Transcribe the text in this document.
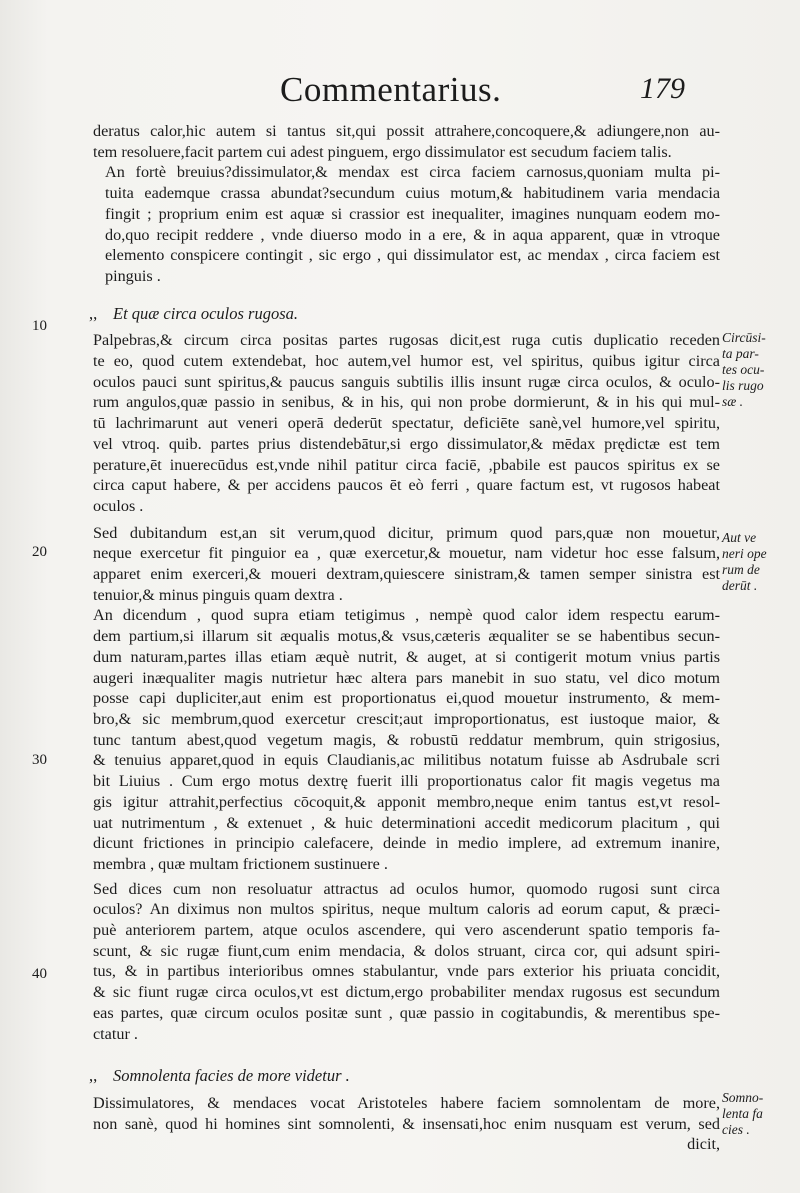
Commentarius.	179
deratus calor,hic autem si tantus sit,qui possit attrahere,concoquere,& adiungere,non au-
tem resoluere,facit partem cui adest pinguem, ergo dissimulator est secudum faciem talis.
An fortè breuius?dissimulator,& mendax est circa faciem carnosus,quoniam multa pi-
tuita eademque crassa abundat?secundum cuius motum,& habitudinem varia mendacia
fingit ; proprium enim est aquæ si crassior est inequaliter, imagines nunquam eodem mo-
do,quo recipit reddere , vnde diuerso modo in a ere, & in aqua apparent, quæ in vtroque
elemento conspicere contingit , sic ergo , qui dissimulator est, ac mendax , circa faciem est
pinguis .
,, Et quæ circa oculos rugosa.
Palpebras,& circum circa positas partes rugosas dicit,est ruga cutis duplicatio receden
te eo, quod cutem extendebat, hoc autem,vel humor est, vel spiritus, quibus igitur circa
oculos pauci sunt spiritus,& paucus sanguis subtilis illis insunt rugæ circa oculos, & oculo-
rum angulos,quæ passio in senibus, & in his, qui non probe dormierunt, & in his qui mul-
tū lachrimarunt aut veneri operā dederūt spectatur, deficiēte sanè,vel humore,vel spiritu,
vel vtroq. quib. partes prius distendebātur,si ergo dissimulator,& mēdax prędictæ est tem
perature,ēt inuerecūdus est,vnde nihil patitur circa faciē, ,pbabile est paucos spiritus ex se
circa caput habere, & per accidens paucos ēt eò ferri , quare factum est, vt rugosos habeat
oculos .
Sed dubitandum est,an sit verum,quod dicitur, primum quod pars,quæ non mouetur,
neque exercetur fit pinguior ea , quæ exercetur,& mouetur, nam videtur hoc esse falsum,
apparet enim exerceri,& moueri dextram,quiescere sinistram,& tamen semper sinistra est
tenuior,& minus pinguis quam dextra .
An dicendum , quod supra etiam tetigimus , nempè quod calor idem respectu earum-
dem partium,si illarum sit æqualis motus,& vsus,cæteris æqualiter se se habentibus secun-
dum naturam,partes illas etiam æquè nutrit, & auget, at si contigerit motum vnius partis
augeri inæqualiter magis nutrietur hæc altera pars manebit in suo statu, vel dico motum
posse capi dupliciter,aut enim est proportionatus ei,quod mouetur instrumento, & mem-
bro,& sic membrum,quod exercetur crescit;aut improportionatus, est iustoque maior, &
tunc tantum abest,quod vegetum magis, & robustū reddatur membrum, quin strigosius,
& tenuius apparet,quod in equis Claudianis,ac militibus notatum fuisse ab Asdrubale scri
bit Liuius . Cum ergo motus dextrę fuerit illi proportionatus calor fit magis vegetus ma
gis igitur attrahit,perfectius cōcoquit,& apponit membro,neque enim tantus est,vt resol-
uat nutrimentum , & extenuet , & huic determinationi accedit medicorum placitum , qui
dicunt frictiones in principio calefacere, deinde in medio implere, ad extremum inanire,
membra , quæ multam frictionem sustinuere .
Sed dices cum non resoluatur attractus ad oculos humor, quomodo rugosi sunt circa
oculos? An diximus non multos spiritus, neque multum caloris ad eorum caput, & præci-
puè anteriorem partem, atque oculos ascendere, qui vero ascenderunt spatio temporis fa-
scunt, & sic rugæ fiunt,cum enim mendacia, & dolos struant, circa cor, qui adsunt spiri-
tus, & in partibus interioribus omnes stabulantur, vnde pars exterior his priuata concidit,
& sic fiunt rugæ circa oculos,vt est dictum,ergo probabiliter mendax rugosus est secundum
eas partes, quæ circum oculos positæ sunt , quæ passio in cogitabundis, & merentibus spe-
ctatur .
,, Somnolenta facies de more videtur .
Dissimulatores, & mendaces vocat Aristoteles habere faciem somnolentam de more,
non sanè, quod hi homines sint somnolenti, & insensati,hoc enim nusquam est verum, sed
dicit,
10
20
30
40
Circūsi-
ta par-
tes ocu-
lis rugo
sæ .
Aut ve
neri ope
rum de
derūt .
Somno-
lenta fa
cies .
